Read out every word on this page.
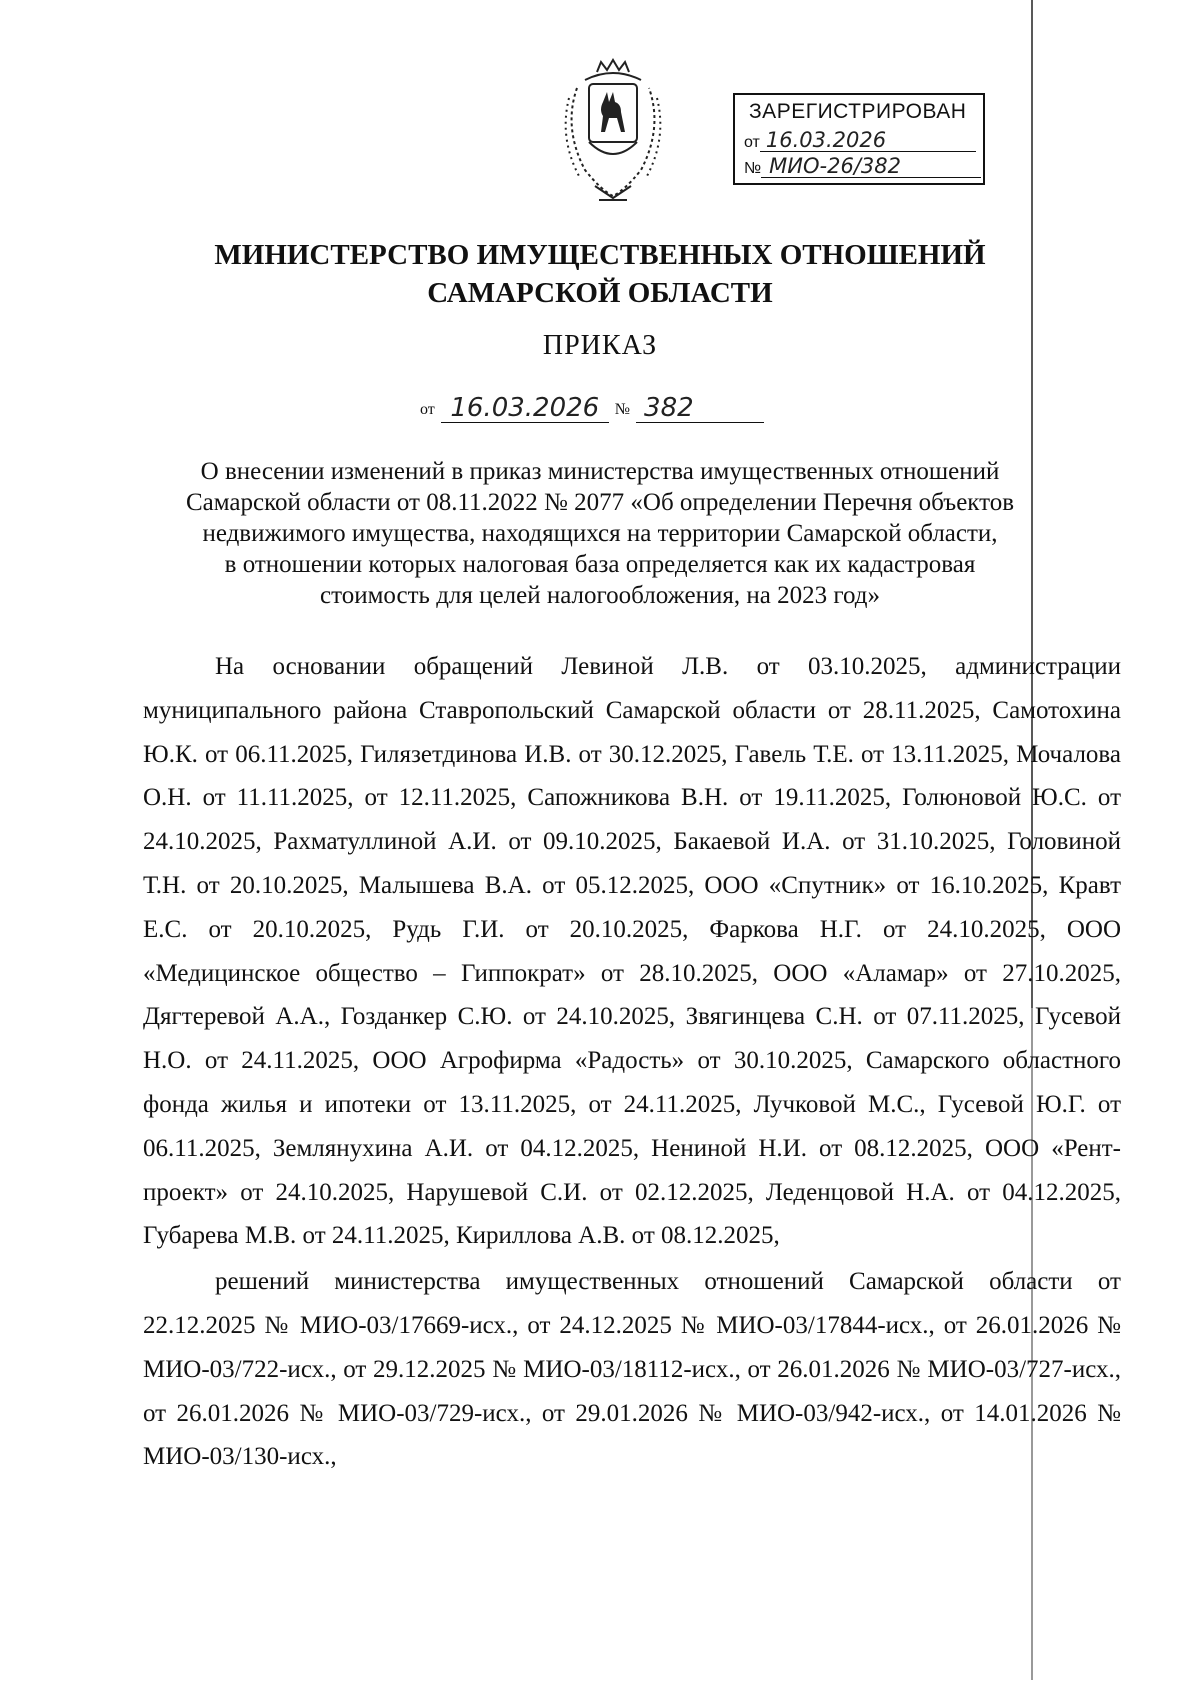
ЗАРЕГИСТРИРОВАН
от 16.03.2026
№ МИО-26/382
МИНИСТЕРСТВО ИМУЩЕСТВЕННЫХ ОТНОШЕНИЙ
САМАРСКОЙ ОБЛАСТИ
ПРИКАЗ
от 16.03.2026 № 382
О внесении изменений в приказ министерства имущественных отношений
Самарской области от 08.11.2022 № 2077 «Об определении Перечня объектов
недвижимого имущества, находящихся на территории Самарской области,
в отношении которых налоговая база определяется как их кадастровая
стоимость для целей налогообложения, на 2023 год»

На основании обращений Левиной Л.В. от 03.10.2025, администрации муниципального района Ставропольский Самарской области от 28.11.2025, Самотохина Ю.К. от 06.11.2025, Гилязетдинова И.В. от 30.12.2025, Гавель Т.Е. от 13.11.2025, Мочалова О.Н. от 11.11.2025, от 12.11.2025, Сапожникова В.Н. от 19.11.2025, Голюновой Ю.С. от 24.10.2025, Рахматуллиной А.И. от 09.10.2025, Бакаевой И.А. от 31.10.2025, Головиной Т.Н. от 20.10.2025, Малышева В.А. от 05.12.2025, ООО «Спутник» от 16.10.2025, Кравт Е.С. от 20.10.2025, Рудь Г.И. от 20.10.2025, Фаркова Н.Г. от 24.10.2025, ООО «Медицинское общество – Гиппократ» от 28.10.2025, ООО «Аламар» от 27.10.2025, Дягтеревой А.А., Гозданкер С.Ю. от 24.10.2025, Звягинцева С.Н. от 07.11.2025, Гусевой Н.О. от 24.11.2025, ООО Агрофирма «Радость» от 30.10.2025, Самарского областного фонда жилья и ипотеки от 13.11.2025, от 24.11.2025, Лучковой М.С., Гусевой Ю.Г. от 06.11.2025, Землянухина А.И. от 04.12.2025, Ненинoй Н.И. от 08.12.2025, ООО «Рент-проект» от 24.10.2025, Нарушевой С.И. от 02.12.2025, Леденцовой Н.А. от 04.12.2025, Губарева М.В. от 24.11.2025, Кириллова А.В. от 08.12.2025,

решений министерства имущественных отношений Самарской области от 22.12.2025 № МИО-03/17669-исх., от 24.12.2025 № МИО-03/17844-исх., от 26.01.2026 № МИО-03/722-исх., от 29.12.2025 № МИО-03/18112-исх., от 26.01.2026 № МИО-03/727-исх., от 26.01.2026 № МИО-03/729-исх., от 29.01.2026 № МИО-03/942-исх., от 14.01.2026 № МИО-03/130-исх.,
